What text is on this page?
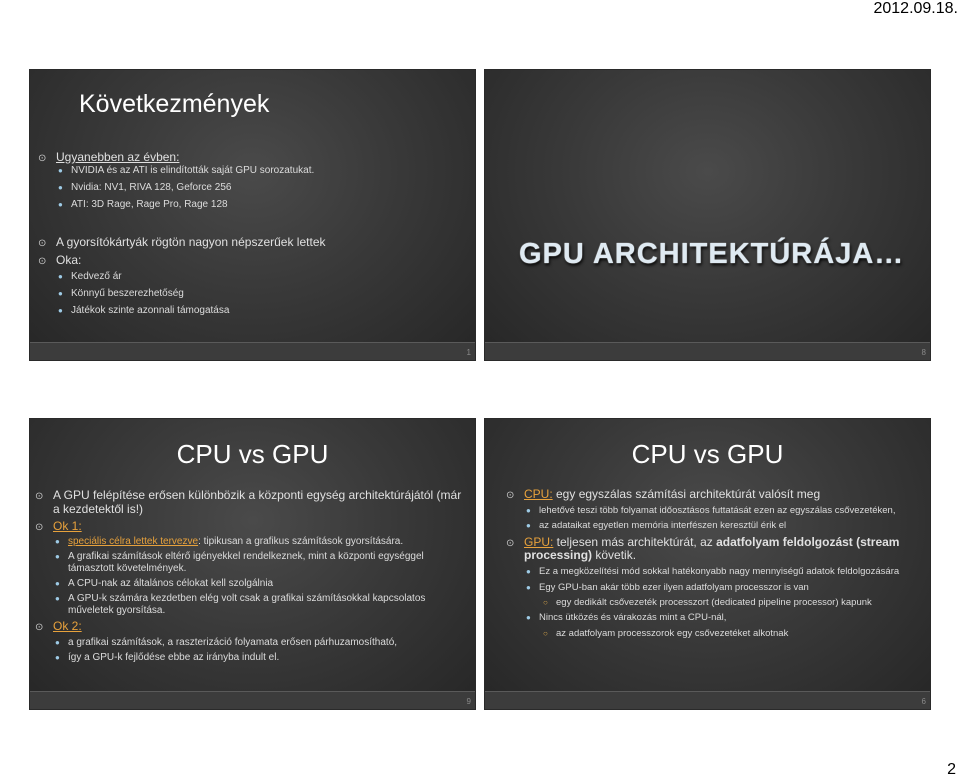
2012.09.18.
Következmények
⊙ Ugyanebben az évben:
● NVIDIA és az ATI is elindították saját GPU sorozatukat.
● Nvidia: NV1, RIVA 128, Geforce 256
● ATI: 3D Rage, Rage Pro, Rage 128
⊙ A gyorsítókártyák rögtön nagyon népszerűek lettek
⊙ Oka:
● Kedvező ár
● Könnyű beszerezhetőség
● Játékok szinte azonnali támogatása
1
GPU ARCHITEKTÚRÁJA…
8
CPU vs GPU
⊙ A GPU felépítése erősen különbözik a központi egység architektúrájától (már a kezdetektől is!)
⊙ Ok 1:
● speciális célra lettek tervezve: tipikusan a grafikus számítások gyorsítására.
● A grafikai számítások eltérő igényekkel rendelkeznek, mint a központi egységgel támasztott követelmények.
● A CPU-nak az általános célokat kell szolgálnia
● A GPU-k számára kezdetben elég volt csak a grafikai számításokkal kapcsolatos műveletek gyorsítása.
⊙ Ok 2:
● a grafikai számítások, a raszterizáció folyamata erősen párhuzamosítható,
● így a GPU-k fejlődése ebbe az irányba indult el.
9
CPU vs GPU
⊙ CPU: egy egyszálas számítási architektúrát valósít meg
● lehetővé teszi több folyamat időosztásos futtatását ezen az egyszálas csővezetéken,
● az adataikat egyetlen memória interfészen keresztül érik el
⊙ GPU: teljesen más architektúrát, az adatfolyam feldolgozást (stream processing) követik.
● Ez a megközelítési mód sokkal hatékonyabb nagy mennyiségű adatok feldolgozására
● Egy GPU-ban akár több ezer ilyen adatfolyam processzor is van
○ egy dedikált csővezeték processzort (dedicated pipeline processor) kapunk
● Nincs ütközés és várakozás mint a CPU-nál,
○ az adatfolyam processzorok egy csővezetéket alkotnak
6
2
